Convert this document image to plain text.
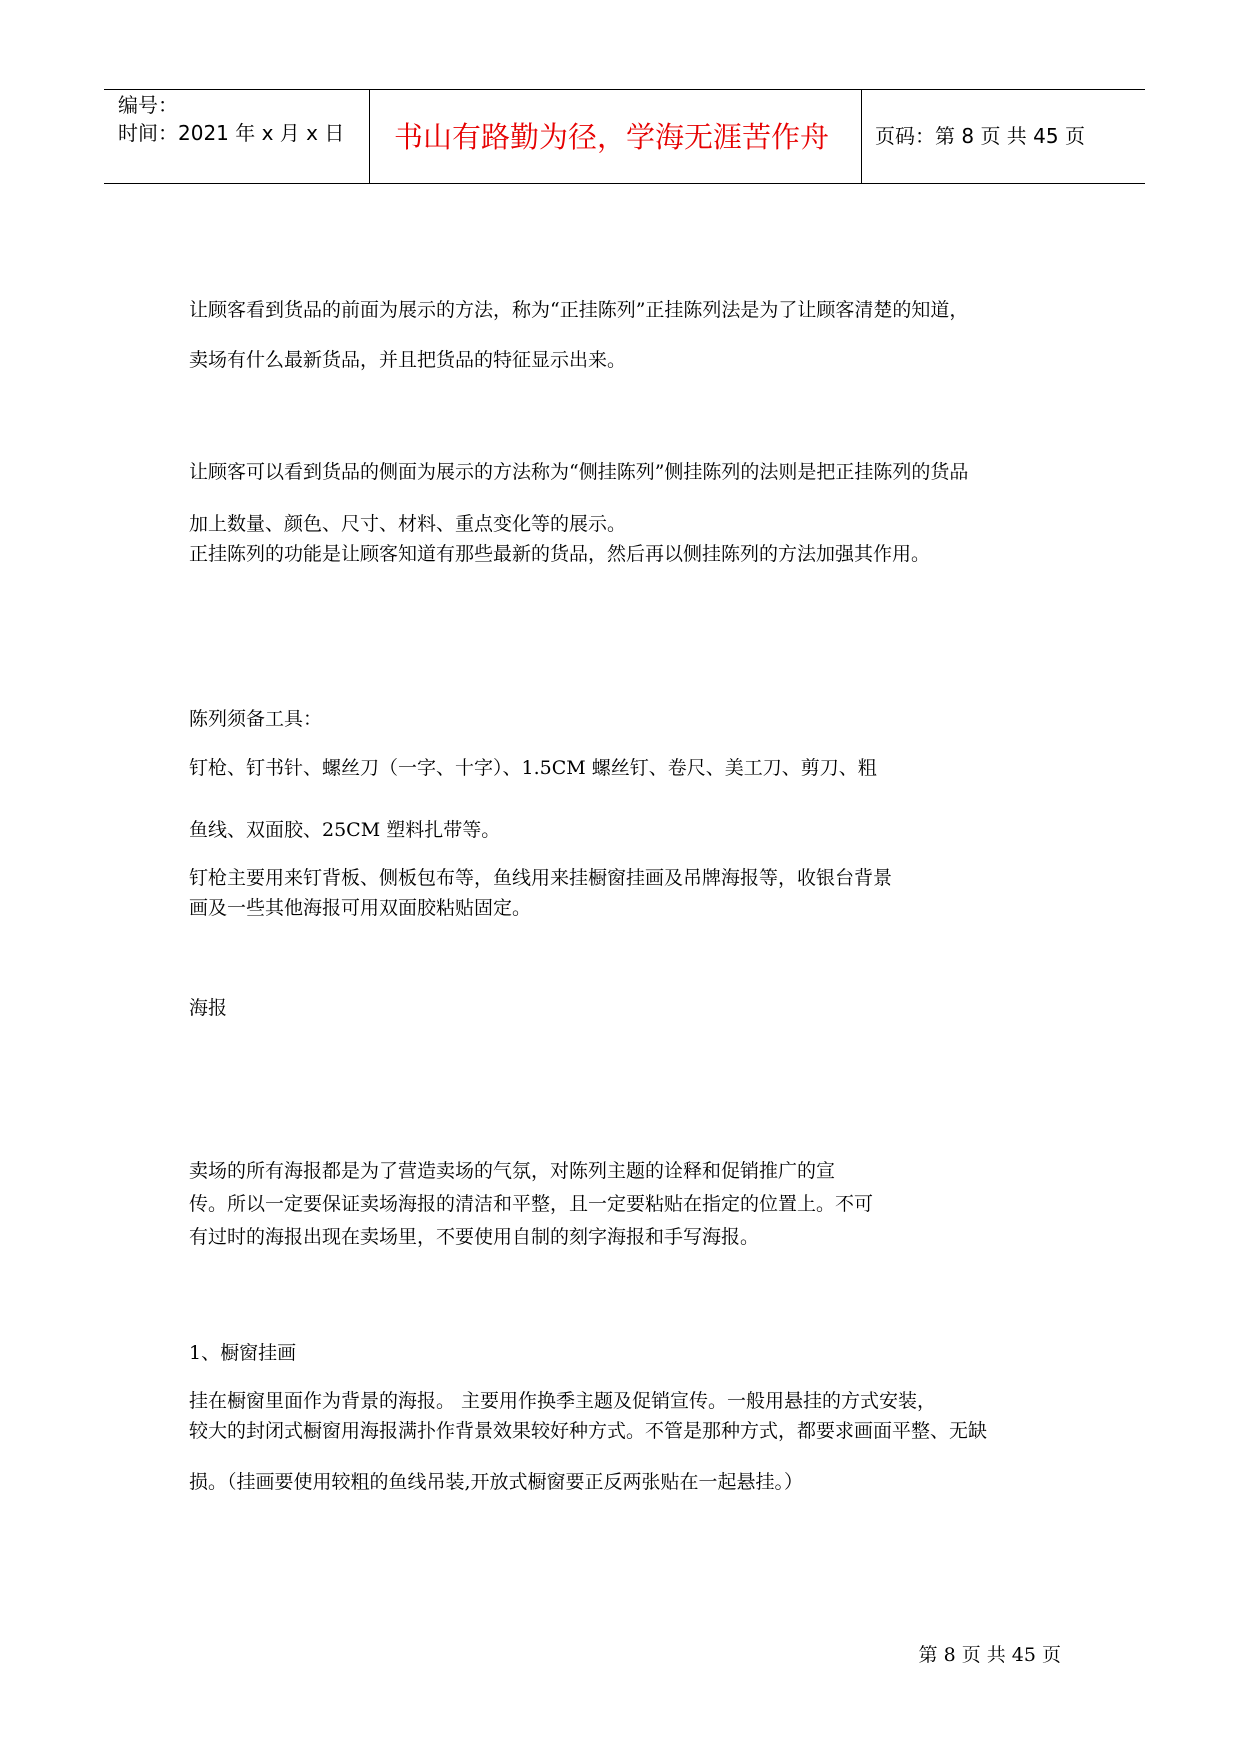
编号：
时间：2021 年 x 月 x 日 书山有路勤为径，学海无涯苦作舟 页码：第 8 页 共 45 页
让顾客看到货品的前面为展示的方法，称为“正挂陈列”正挂陈列法是为了让顾客清楚的知道，
卖场有什么最新货品，并且把货品的特征显示出来。
让顾客可以看到货品的侧面为展示的方法称为“侧挂陈列”侧挂陈列的法则是把正挂陈列的货品
加上数量、颜色、尺寸、材料、重点变化等的展示。
正挂陈列的功能是让顾客知道有那些最新的货品，然后再以侧挂陈列的方法加强其作用。
陈列须备工具：
钉枪、钉书针、螺丝刀（一字、十字）、1.5CM 螺丝钉、卷尺、美工刀、剪刀、粗
鱼线、双面胶、25CM 塑料扎带等。
钉枪主要用来钉背板、侧板包布等，鱼线用来挂橱窗挂画及吊牌海报等，收银台背景
画及一些其他海报可用双面胶粘贴固定。
海报
卖场的所有海报都是为了营造卖场的气氛，对陈列主题的诠释和促销推广的宣
传。所以一定要保证卖场海报的清洁和平整，且一定要粘贴在指定的位置上。不可
有过时的海报出现在卖场里，不要使用自制的刻字海报和手写海报。
1、橱窗挂画
挂在橱窗里面作为背景的海报。 主要用作换季主题及促销宣传。一般用悬挂的方式安装，
较大的封闭式橱窗用海报满扑作背景效果较好种方式。不管是那种方式，都要求画面平整、无缺
损。（挂画要使用较粗的鱼线吊装,开放式橱窗要正反两张贴在一起悬挂。）
第 8 页 共 45 页
